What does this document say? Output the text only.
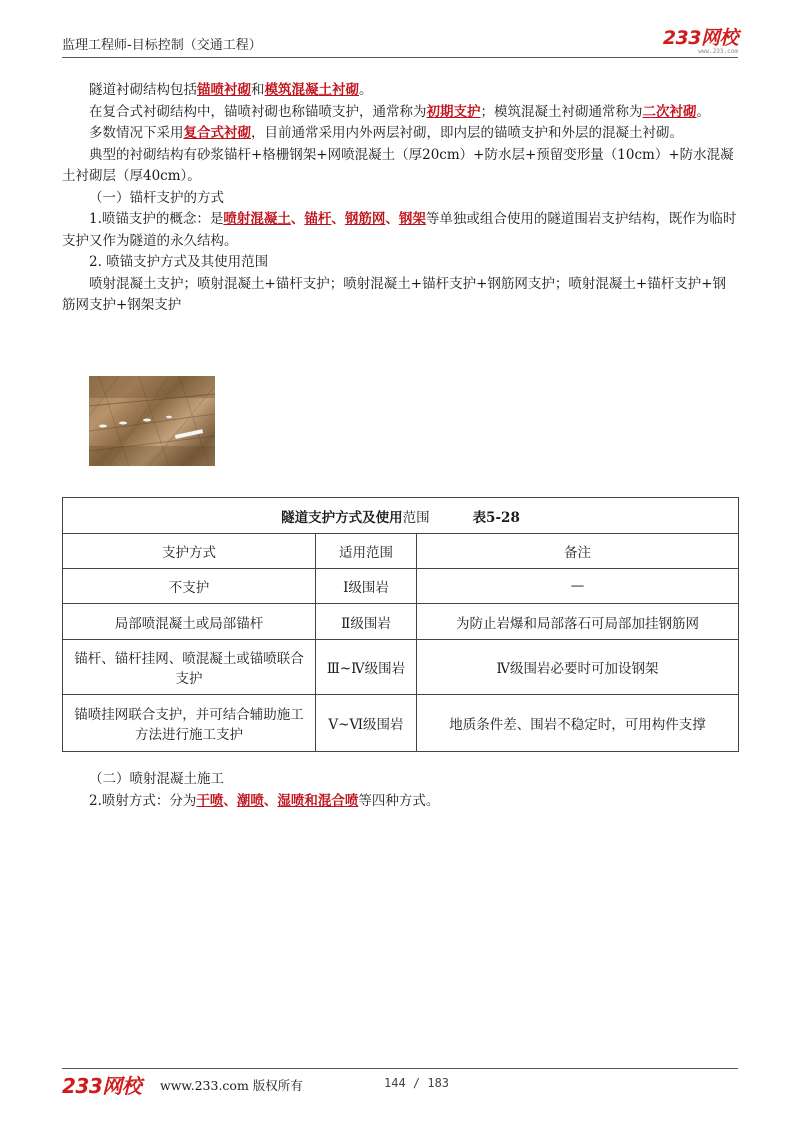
监理工程师-目标控制（交通工程）	233网校
www.233.com

隧道衬砌结构包括锚喷衬砌和模筑混凝土衬砌。

在复合式衬砌结构中，锚喷衬砌也称锚喷支护，通常称为初期支护；模筑混凝土衬砌通常称为二次衬砌。

多数情况下采用复合式衬砌，目前通常采用内外两层衬砌，即内层的锚喷支护和外层的混凝土衬砌。

典型的衬砌结构有砂浆锚杆+格栅钢架+网喷混凝土（厚20cm）+防水层+预留变形量（10cm）+防水混凝土衬砌层（厚40cm）。

（一）锚杆支护的方式

1.喷锚支护的概念：是喷射混凝土、锚杆、钢筋网、钢架等单独或组合使用的隧道围岩支护结构，既作为临时支护又作为隧道的永久结构。

2. 喷锚支护方式及其使用范围

喷射混凝土支护；喷射混凝土+锚杆支护；喷射混凝土+锚杆支护+钢筋网支护；喷射混凝土+锚杆支护+钢筋网支护+钢架支护

隧道支护方式及使用范围 表5-28		
支护方式	适用范围	备注
不支护	Ⅰ级围岩	—
局部喷混凝土或局部锚杆	Ⅱ级围岩	为防止岩爆和局部落石可局部加挂钢筋网
锚杆、锚杆挂网、喷混凝土或锚喷联合支护	Ⅲ~Ⅳ级围岩	Ⅳ级围岩必要时可加设钢架
锚喷挂网联合支护，并可结合辅助施工方法进行施工支护	Ⅴ~Ⅵ级围岩	地质条件差、围岩不稳定时，可用构件支撑

（二）喷射混凝土施工

2.喷射方式：分为干喷、潮喷、湿喷和混合喷等四种方式。

233网校 www.233.com 版权所有	144 / 183
